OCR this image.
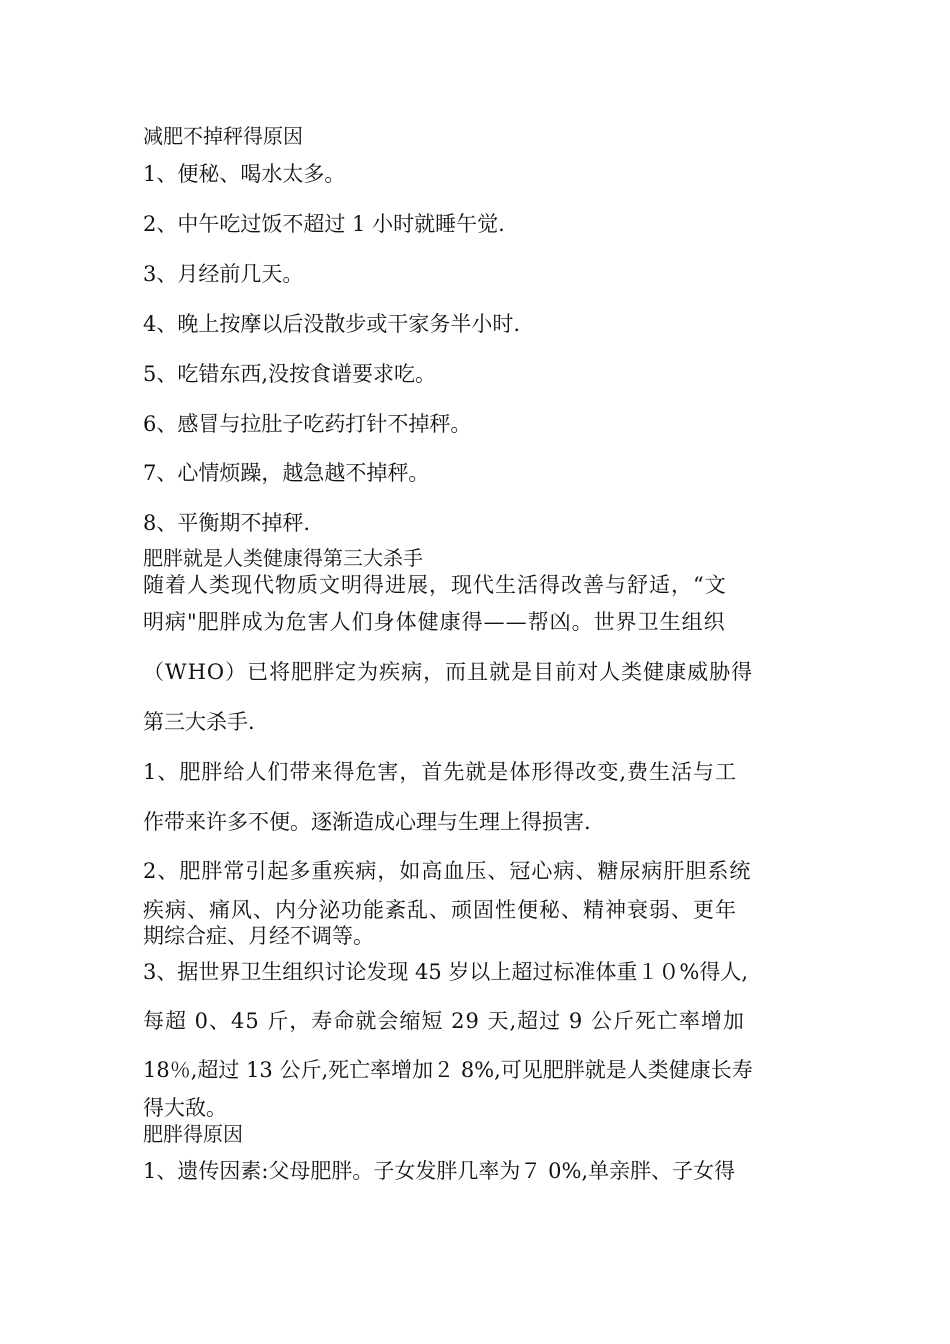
减肥不掉秤得原因
1、便秘、喝水太多。
2、中午吃过饭不超过 1 小时就睡午觉.
3、月经前几天。
4、晚上按摩以后没散步或干家务半小时.
5、吃错东西,没按食谱要求吃。
6、感冒与拉肚子吃药打针不掉秤。
7、心情烦躁，越急越不掉秤。
8、平衡期不掉秤.
肥胖就是人类健康得第三大杀手
随着人类现代物质文明得进展，现代生活得改善与舒适，“文
明病"肥胖成为危害人们身体健康得——帮凶。世界卫生组织
（WHO）已将肥胖定为疾病，而且就是目前对人类健康威胁得
第三大杀手.
1、肥胖给人们带来得危害，首先就是体形得改变,费生活与工
作带来许多不便。逐渐造成心理与生理上得损害.
2、肥胖常引起多重疾病，如高血压、冠心病、糖尿病肝胆系统
疾病、痛风、内分泌功能紊乱、顽固性便秘、精神衰弱、更年
期综合症、月经不调等。
3、据世界卫生组织讨论发现 45 岁以上超过标准体重１０%得人,
每超 0、45 斤，寿命就会缩短 29 天,超过 9 公斤死亡率增加
18％,超过 13 公斤,死亡率增加２ 8%,可见肥胖就是人类健康长寿
得大敌。
肥胖得原因
1、遗传因素:父母肥胖。子女发胖几率为７ 0%,单亲胖、子女得
